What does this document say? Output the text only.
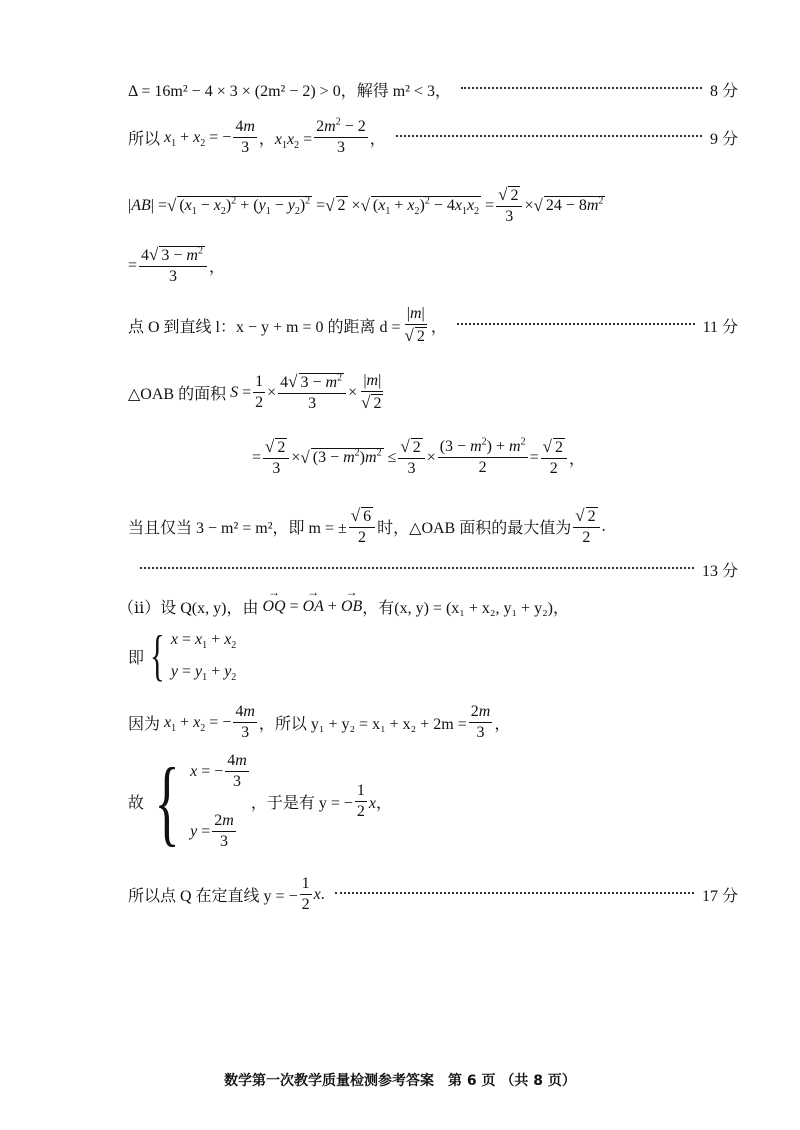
Δ = 16m² − 4 × 3 × (2m² − 2) > 0，解得 m² < 3，	8 分
所以 $x_1 + x_2$ = − $\frac{4m}{3}$ ，$x_1x_2 = \frac{2m^2 - 2}{3}$ ，	9 分
|AB| = √ $(x_1 - x_2)^2 + (y_1 - y_2)^2$ = √ 2 × √ $(x_1 + x_2)^2 - 4x_1x_2 = \frac{√ 2}{3}$ × √ $24 - 8m^2$
= $\frac{4√ 3 - m^2}{3}$ ，
点 O 到直线 l：x − y + m = 0 的距离 $d = \frac{|m|}{√ 2}$ ，	11 分
△OAB 的面积 $S = \frac{1}{2} \times \frac{4√ 3 - m^2}{3} \times \frac{|m|}{√ 2}$
= $\frac{√ 2}{3}$ × √ $(3 - m^2)m^2 \le \frac{√ 2}{3} \times \frac{(3 - m^2) + m^2}{2} = \frac{√ 2}{2}$ ，
当且仅当 3 − m² = m²，即 m = ± $\frac{√ 6}{2}$ 时，△OAB 面积的最大值为 $\frac{√ 2}{2}$ .
13 分
（ⅱ）设 Q(x, y)，由
→ OQ = → OA + → OB ，有(x, y) = (x₁ + x₂, y₁ + y₂)，
即 { $x = x_1 + x_2$
$y = y_1 + y_2$
因为 $x_1 + x_2$ = − $\frac{4m}{3}$ ，所以 $y_1 + y_2 = x_1 + x_2 + 2m = \frac{2m}{3}$ ，
故 { x = − $\frac{4m}{3}$
$y = \frac{2m}{3}$
，于是有 y = − $\frac{1}{2}$ x，
所以点 Q 在定直线 y = − $\frac{1}{2} x$.	17 分
数学第一次教学质量检测参考答案　第 6 页 （共 8 页）
